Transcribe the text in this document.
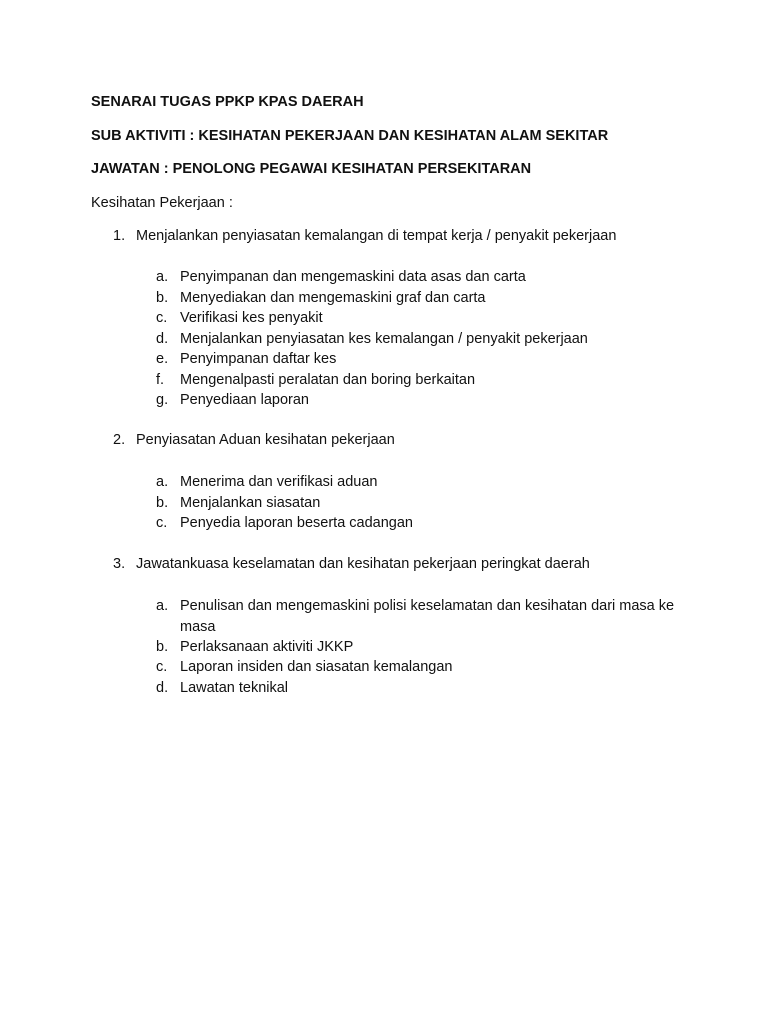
SENARAI TUGAS PPKP KPAS DAERAH
SUB AKTIVITI : KESIHATAN PEKERJAAN DAN KESIHATAN ALAM SEKITAR
JAWATAN : PENOLONG PEGAWAI KESIHATAN PERSEKITARAN
Kesihatan Pekerjaan :
1. Menjalankan penyiasatan kemalangan di tempat kerja / penyakit pekerjaan
a. Penyimpanan dan mengemaskini data asas dan carta
b. Menyediakan dan mengemaskini graf dan carta
c. Verifikasi kes penyakit
d. Menjalankan penyiasatan kes kemalangan / penyakit pekerjaan
e. Penyimpanan daftar kes
f.	Mengenalpasti peralatan dan boring berkaitan
g. Penyediaan laporan
2. Penyiasatan Aduan kesihatan pekerjaan
a. Menerima dan verifikasi aduan
b. Menjalankan siasatan
c. Penyedia laporan beserta cadangan
3. Jawatankuasa keselamatan dan kesihatan pekerjaan peringkat daerah
a. Penulisan dan mengemaskini polisi keselamatan dan kesihatan dari masa ke masa
b. Perlaksanaan aktiviti JKKP
c. Laporan insiden dan siasatan kemalangan
d. Lawatan teknikal
